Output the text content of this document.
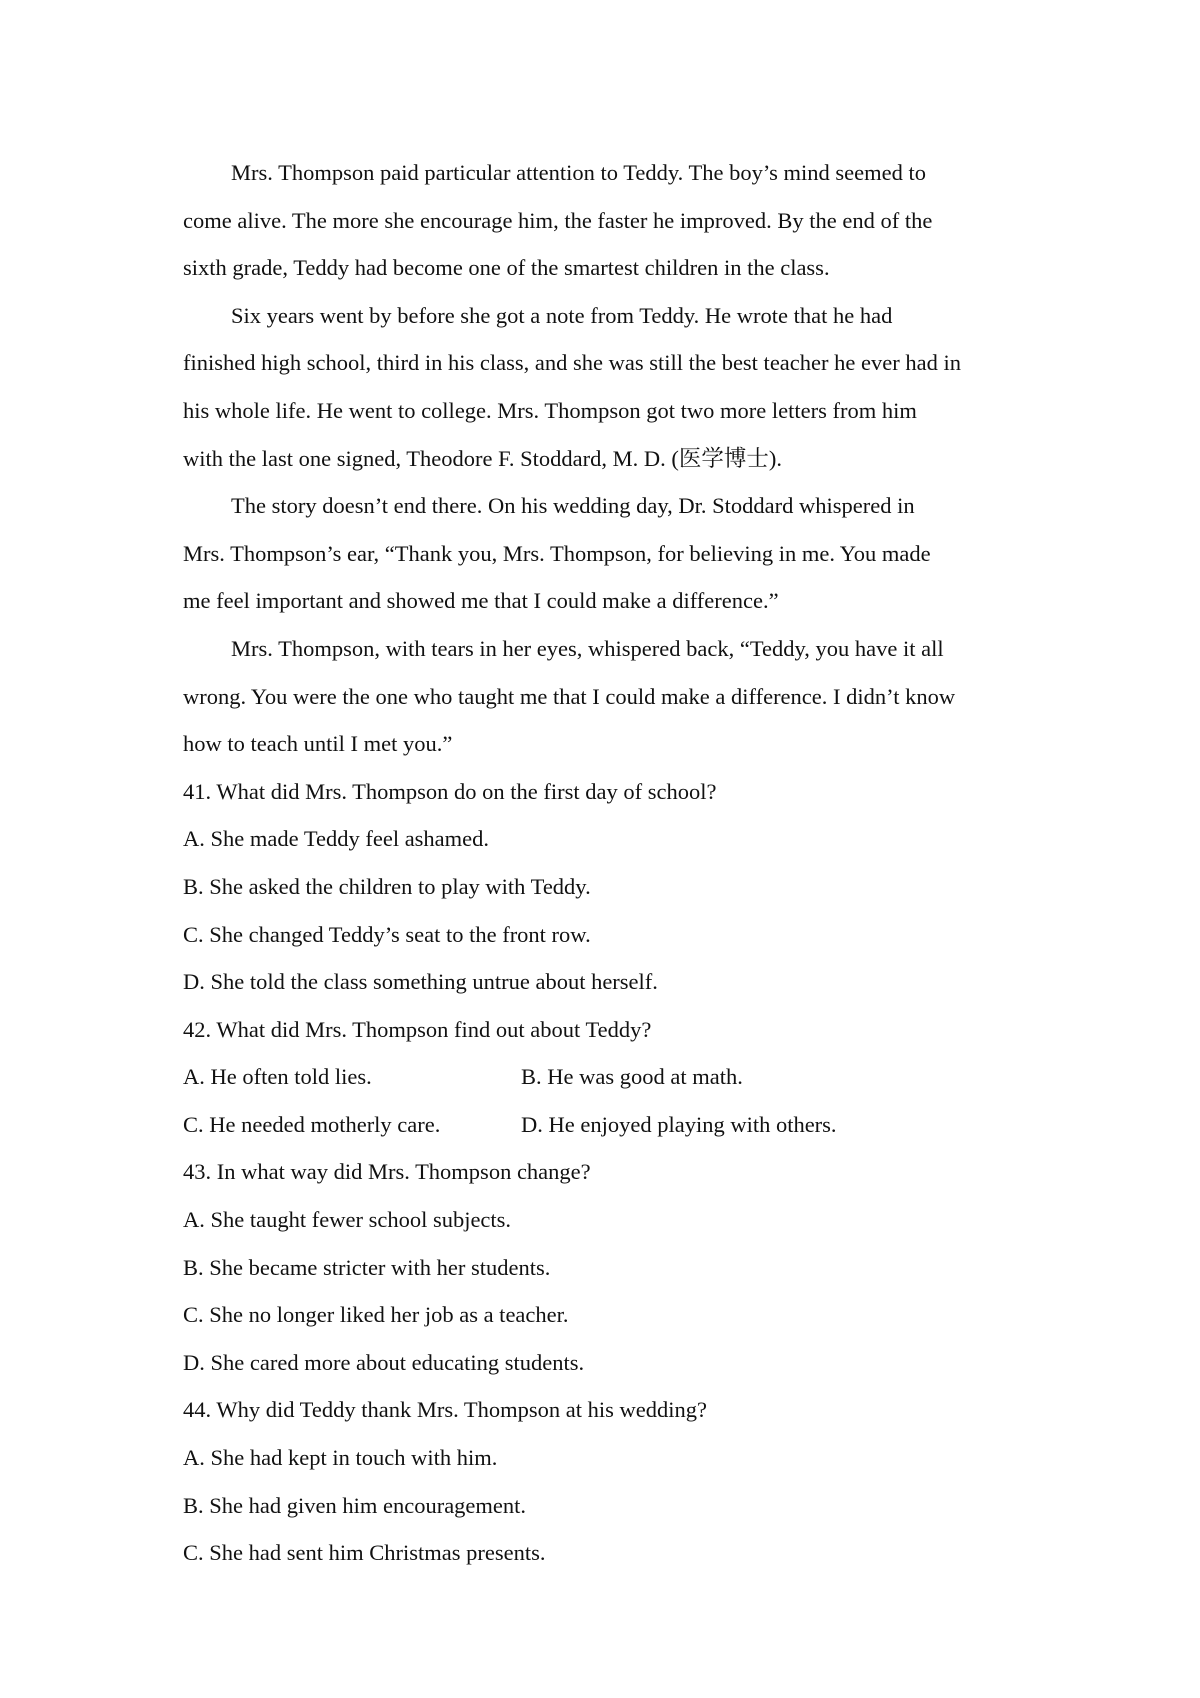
Mrs. Thompson paid particular attention to Teddy. The boy’s mind seemed to

come alive. The more she encourage him, the faster he improved. By the end of the

sixth grade, Teddy had become one of the smartest children in the class.

Six years went by before she got a note from Teddy. He wrote that he had

finished high school, third in his class, and she was still the best teacher he ever had in

his whole life. He went to college. Mrs. Thompson got two more letters from him

with the last one signed, Theodore F. Stoddard, M. D. (医学博士).

The story doesn’t end there. On his wedding day, Dr. Stoddard whispered in

Mrs. Thompson’s ear, “Thank you, Mrs. Thompson, for believing in me. You made

me feel important and showed me that I could make a difference.”

Mrs. Thompson, with tears in her eyes, whispered back, “Teddy, you have it all

wrong. You were the one who taught me that I could make a difference. I didn’t know

how to teach until I met you.”

41. What did Mrs. Thompson do on the first day of school?

A. She made Teddy feel ashamed.

B. She asked the children to play with Teddy.

C. She changed Teddy’s seat to the front row.

D. She told the class something untrue about herself.

42. What did Mrs. Thompson find out about Teddy?

A. He often told lies.	B. He was good at math.
C. He needed motherly care.	D. He enjoyed playing with others.

43. In what way did Mrs. Thompson change?

A. She taught fewer school subjects.

B. She became stricter with her students.

C. She no longer liked her job as a teacher.

D. She cared more about educating students.

44. Why did Teddy thank Mrs. Thompson at his wedding?

A. She had kept in touch with him.

B. She had given him encouragement.

C. She had sent him Christmas presents.
